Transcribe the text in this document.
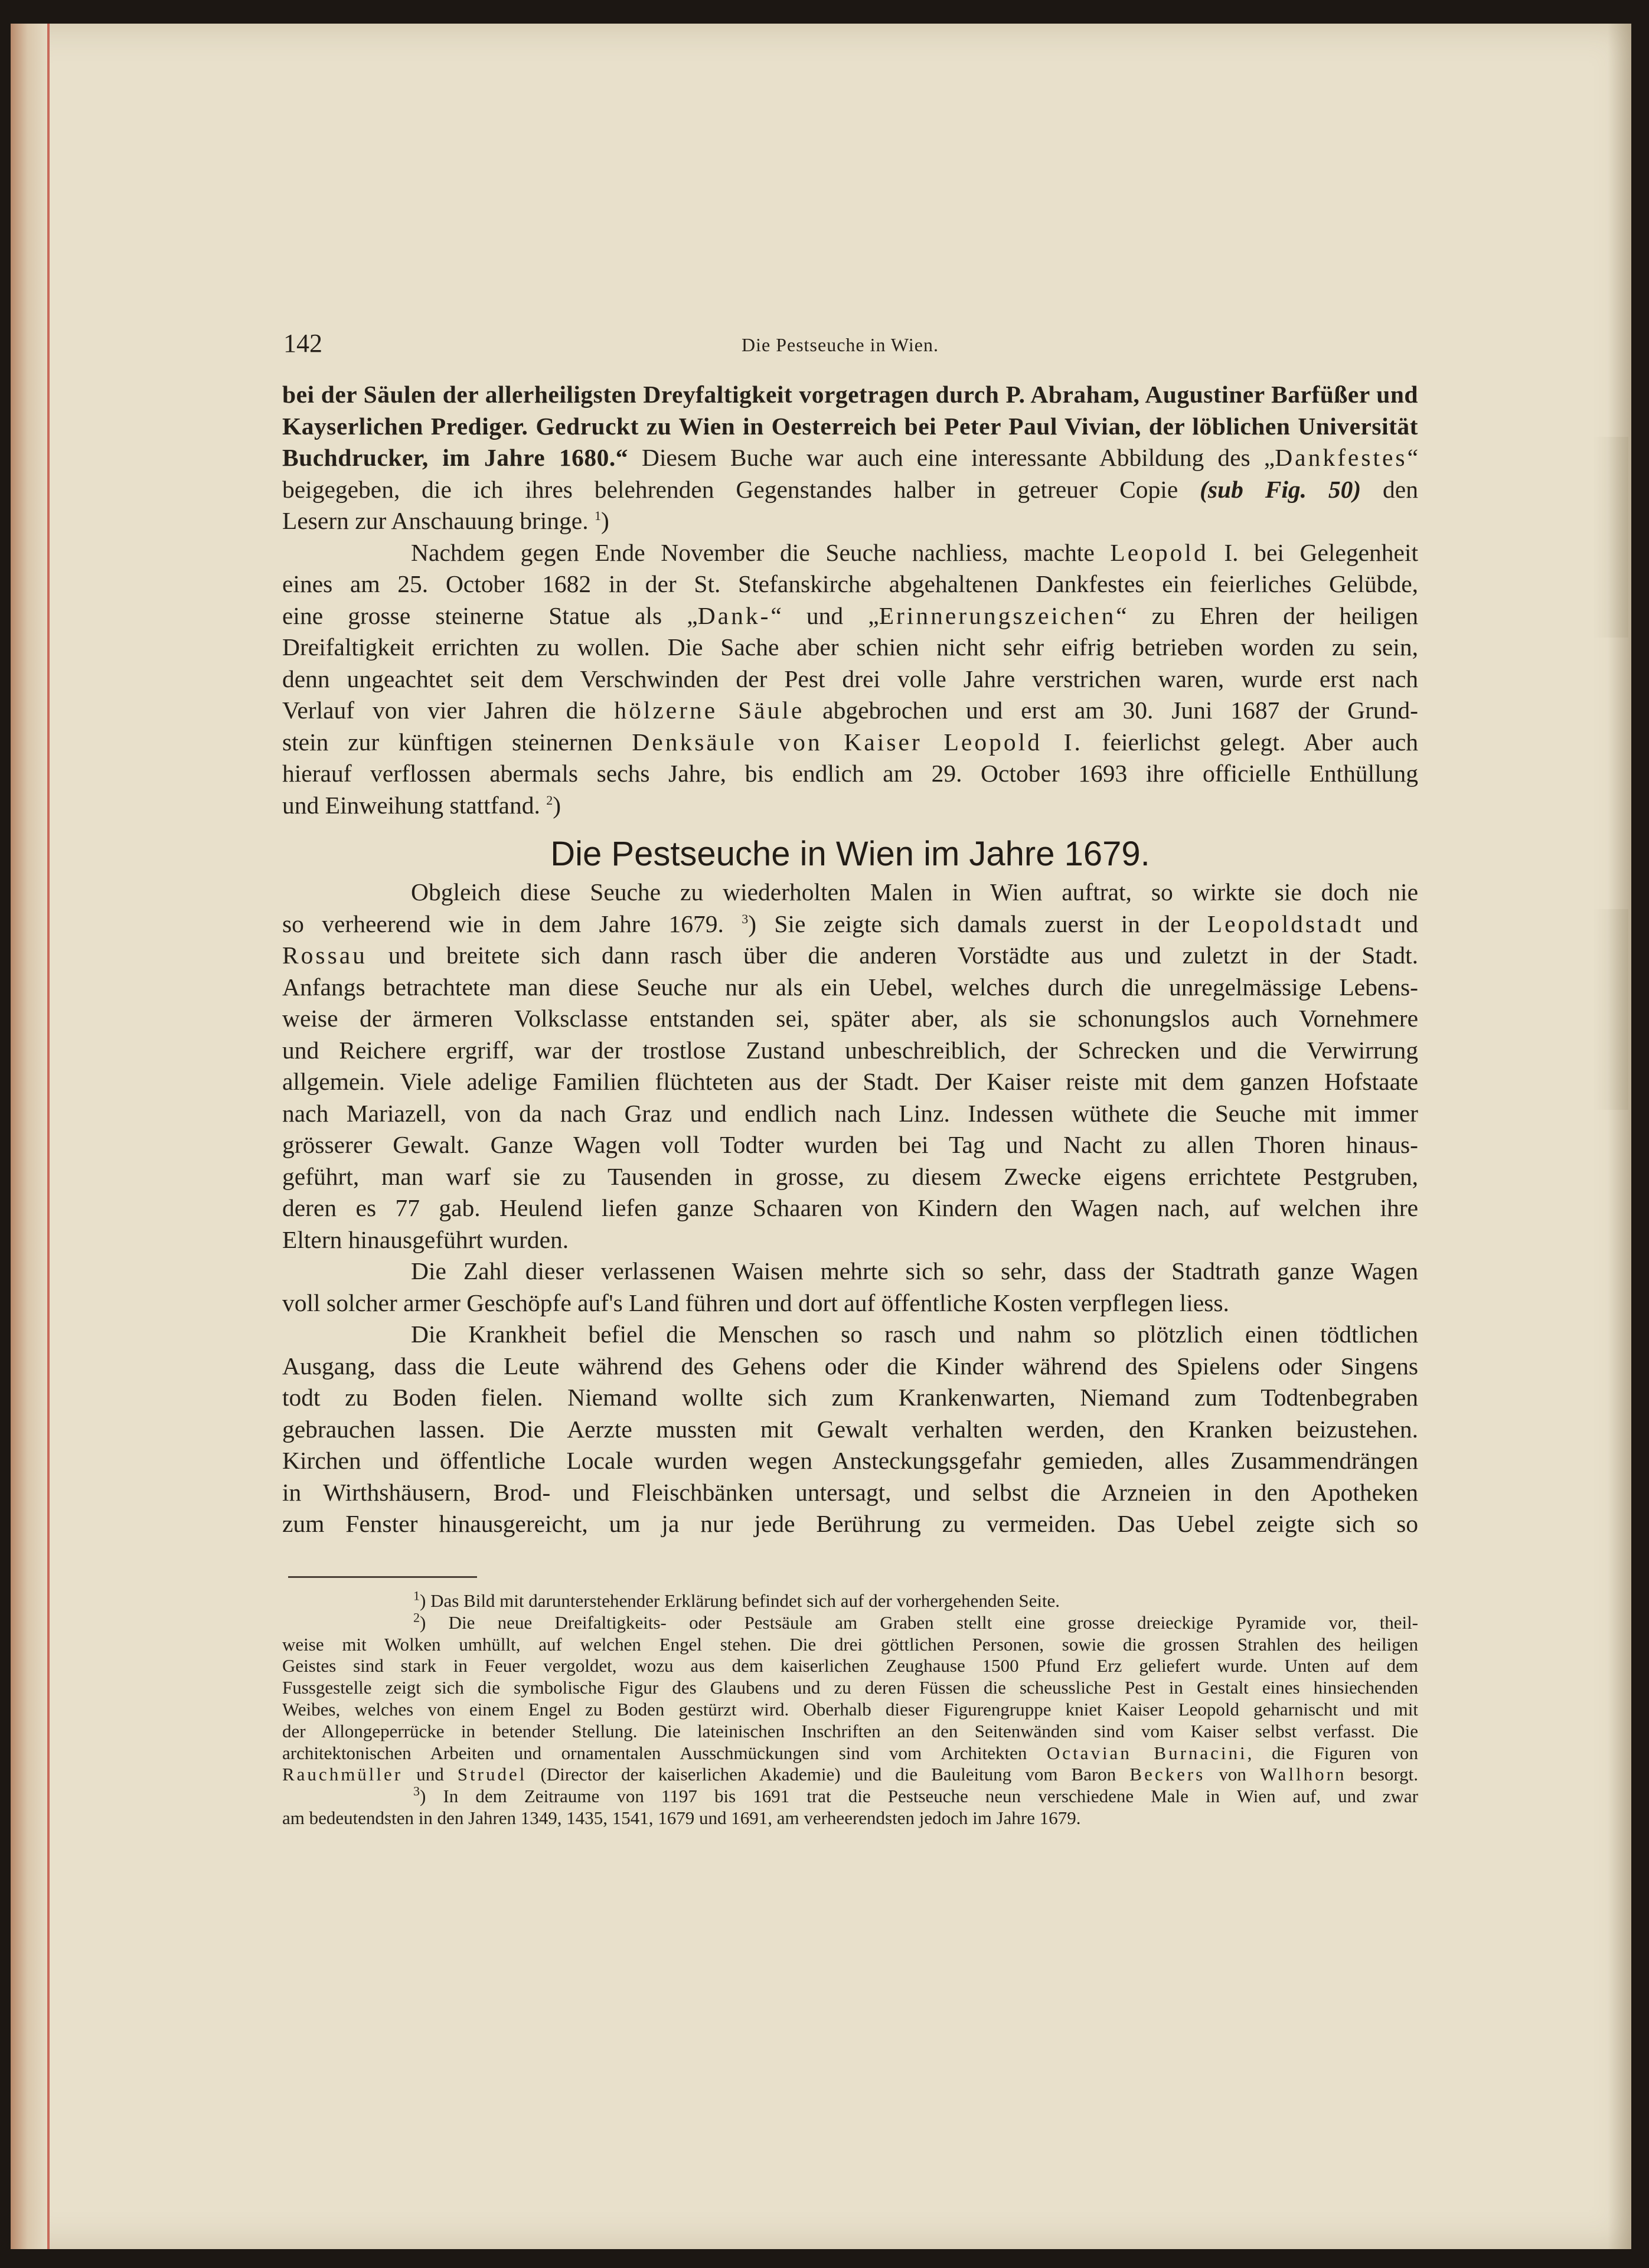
142	Die Pestseuche in Wien.
bei der Säulen der allerheiligsten Dreyfaltigkeit vorgetragen durch P. Abraham, Augustiner Barfüßer und
Kayserlichen Prediger. Gedruckt zu Wien in Oesterreich bei Peter Paul Vivian, der löblichen Universität
Buchdrucker, im Jahre 1680.“ Diesem Buche war auch eine interessante Abbildung des „Dankfestes“
beigegeben, die ich ihres belehrenden Gegenstandes halber in getreuer Copie (sub Fig. 50) den
Lesern zur Anschauung bringe. $^1$)
Nachdem gegen Ende November die Seuche nachliess, machte Leopold I. bei Gelegenheit
eines am 25. October 1682 in der St. Stefanskirche abgehaltenen Dankfestes ein feierliches Gelübde,
eine grosse steinerne Statue als „Dank-“ und „Erinnerungszeichen“ zu Ehren der heiligen
Dreifaltigkeit errichten zu wollen. Die Sache aber schien nicht sehr eifrig betrieben worden zu sein,
denn ungeachtet seit dem Verschwinden der Pest drei volle Jahre verstrichen waren, wurde erst nach
Verlauf von vier Jahren die hölzerne Säule abgebrochen und erst am 30. Juni 1687 der Grund-
stein zur künftigen steinernen Denksäule von Kaiser Leopold I. feierlichst gelegt. Aber auch
hierauf verflossen abermals sechs Jahre, bis endlich am 29. October 1693 ihre officielle Enthüllung
und Einweihung stattfand. $^2$)
Die Pestseuche in Wien im Jahre 1679.
Obgleich diese Seuche zu wiederholten Malen in Wien auftrat, so wirkte sie doch nie
so verheerend wie in dem Jahre 1679. $^3$) Sie zeigte sich damals zuerst in der Leopoldstadt und
Rossau und breitete sich dann rasch über die anderen Vorstädte aus und zuletzt in der Stadt.
Anfangs betrachtete man diese Seuche nur als ein Uebel, welches durch die unregelmässige Lebens-
weise der ärmeren Volksclasse entstanden sei, später aber, als sie schonungslos auch Vornehmere
und Reichere ergriff, war der trostlose Zustand unbeschreiblich, der Schrecken und die Verwirrung
allgemein. Viele adelige Familien flüchteten aus der Stadt. Der Kaiser reiste mit dem ganzen Hofstaate
nach Mariazell, von da nach Graz und endlich nach Linz. Indessen wüthete die Seuche mit immer
grösserer Gewalt. Ganze Wagen voll Todter wurden bei Tag und Nacht zu allen Thoren hinaus-
geführt, man warf sie zu Tausenden in grosse, zu diesem Zwecke eigens errichtete Pestgruben,
deren es 77 gab. Heulend liefen ganze Schaaren von Kindern den Wagen nach, auf welchen ihre
Eltern hinausgeführt wurden.
Die Zahl dieser verlassenen Waisen mehrte sich so sehr, dass der Stadtrath ganze Wagen
voll solcher armer Geschöpfe auf's Land führen und dort auf öffentliche Kosten verpflegen liess.
Die Krankheit befiel die Menschen so rasch und nahm so plötzlich einen tödtlichen
Ausgang, dass die Leute während des Gehens oder die Kinder während des Spielens oder Singens
todt zu Boden fielen. Niemand wollte sich zum Krankenwarten, Niemand zum Todtenbegraben
gebrauchen lassen. Die Aerzte mussten mit Gewalt verhalten werden, den Kranken beizustehen.
Kirchen und öffentliche Locale wurden wegen Ansteckungsgefahr gemieden, alles Zusammendrängen
in Wirthshäusern, Brod- und Fleischbänken untersagt, und selbst die Arzneien in den Apotheken
zum Fenster hinausgereicht, um ja nur jede Berührung zu vermeiden. Das Uebel zeigte sich so
$^1$) Das Bild mit darunterstehender Erklärung befindet sich auf der vorhergehenden Seite.
$^2$) Die neue Dreifaltigkeits- oder Pestsäule am Graben stellt eine grosse dreieckige Pyramide vor, theil-
weise mit Wolken umhüllt, auf welchen Engel stehen. Die drei göttlichen Personen, sowie die grossen Strahlen des heiligen
Geistes sind stark in Feuer vergoldet, wozu aus dem kaiserlichen Zeughause 1500 Pfund Erz geliefert wurde. Unten auf dem
Fussgestelle zeigt sich die symbolische Figur des Glaubens und zu deren Füssen die scheussliche Pest in Gestalt eines hinsiechenden
Weibes, welches von einem Engel zu Boden gestürzt wird. Oberhalb dieser Figurengruppe kniet Kaiser Leopold geharnischt und mit
der Allongeperrücke in betender Stellung. Die lateinischen Inschriften an den Seitenwänden sind vom Kaiser selbst verfasst. Die
architektonischen Arbeiten und ornamentalen Ausschmückungen sind vom Architekten Octavian Burnacini, die Figuren von
Rauchmüller und Strudel (Director der kaiserlichen Akademie) und die Bauleitung vom Baron Beckers von Wallhorn besorgt.
$^3$) In dem Zeitraume von 1197 bis 1691 trat die Pestseuche neun verschiedene Male in Wien auf, und zwar
am bedeutendsten in den Jahren 1349, 1435, 1541, 1679 und 1691, am verheerendsten jedoch im Jahre 1679.
